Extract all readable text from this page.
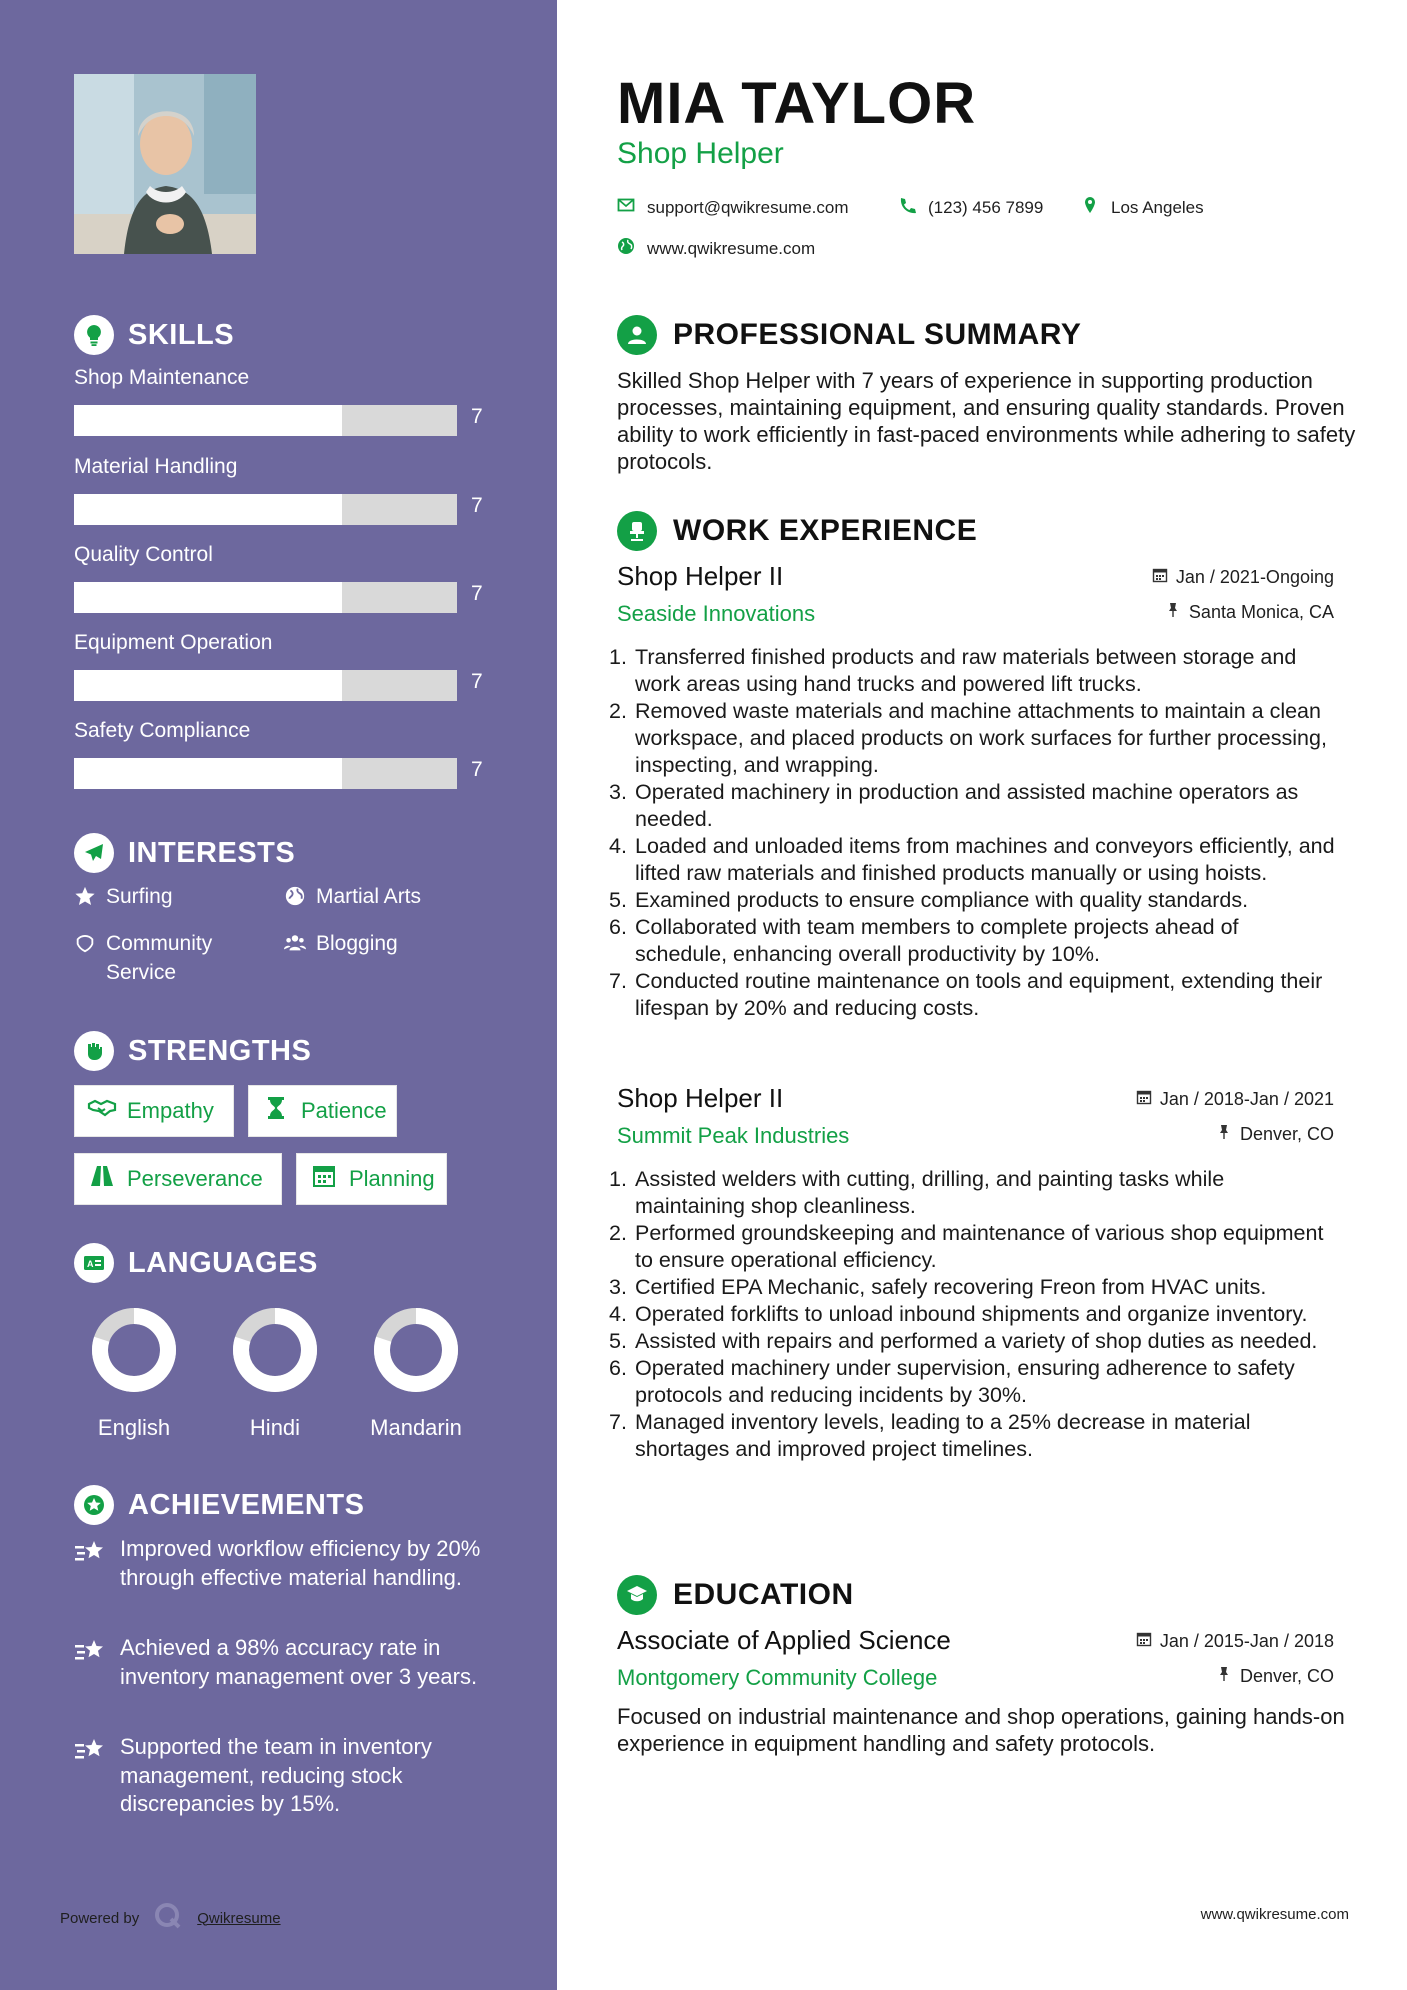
SKILLS
Shop Maintenance
7
Material Handling
7
Quality Control
7
Equipment Operation
7
Safety Compliance
7
INTERESTS
Surfing	Martial Arts
Community Service
Blogging
STRENGTHS
Empathy	Patience
Perseverance	Planning
A LANGUAGES
English	Hindi	Mandarin
ACHIEVEMENTS
Improved workflow efficiency by 20% through effective material handling.
Achieved a 98% accuracy rate in inventory management over 3 years.
Supported the team in inventory management, reducing stock discrepancies by 15%.
Powered by	Qwikresume
MIA TAYLOR
Shop Helper
support@qwikresume.com	(123) 456 7899	Los Angeles
www.qwikresume.com
PROFESSIONAL SUMMARY
Skilled Shop Helper with 7 years of experience in supporting production processes, maintaining equipment, and ensuring quality standards. Proven ability to work efficiently in fast-paced environments while adhering to safety protocols.
WORK EXPERIENCE
Shop Helper II
Seaside Innovations
Jan / 2021-Ongoing
Santa Monica, CA
Transferred finished products and raw materials between storage and work areas using hand trucks and powered lift trucks.
Removed waste materials and machine attachments to maintain a clean workspace, and placed products on work surfaces for further processing, inspecting, and wrapping.
Operated machinery in production and assisted machine operators as needed.
Loaded and unloaded items from machines and conveyors efficiently, and lifted raw materials and finished products manually or using hoists.
Examined products to ensure compliance with quality standards.
Collaborated with team members to complete projects ahead of schedule, enhancing overall productivity by 10%.
Conducted routine maintenance on tools and equipment, extending their lifespan by 20% and reducing costs.
Shop Helper II
Summit Peak Industries
Jan / 2018-Jan / 2021
Denver, CO
Assisted welders with cutting, drilling, and painting tasks while maintaining shop cleanliness.
Performed groundskeeping and maintenance of various shop equipment to ensure operational efficiency.
Certified EPA Mechanic, safely recovering Freon from HVAC units.
Operated forklifts to unload inbound shipments and organize inventory.
Assisted with repairs and performed a variety of shop duties as needed.
Operated machinery under supervision, ensuring adherence to safety protocols and reducing incidents by 30%.
Managed inventory levels, leading to a 25% decrease in material shortages and improved project timelines.
EDUCATION
Associate of Applied Science
Montgomery Community College
Jan / 2015-Jan / 2018
Denver, CO
Focused on industrial maintenance and shop operations, gaining hands-on experience in equipment handling and safety protocols.
www.qwikresume.com
